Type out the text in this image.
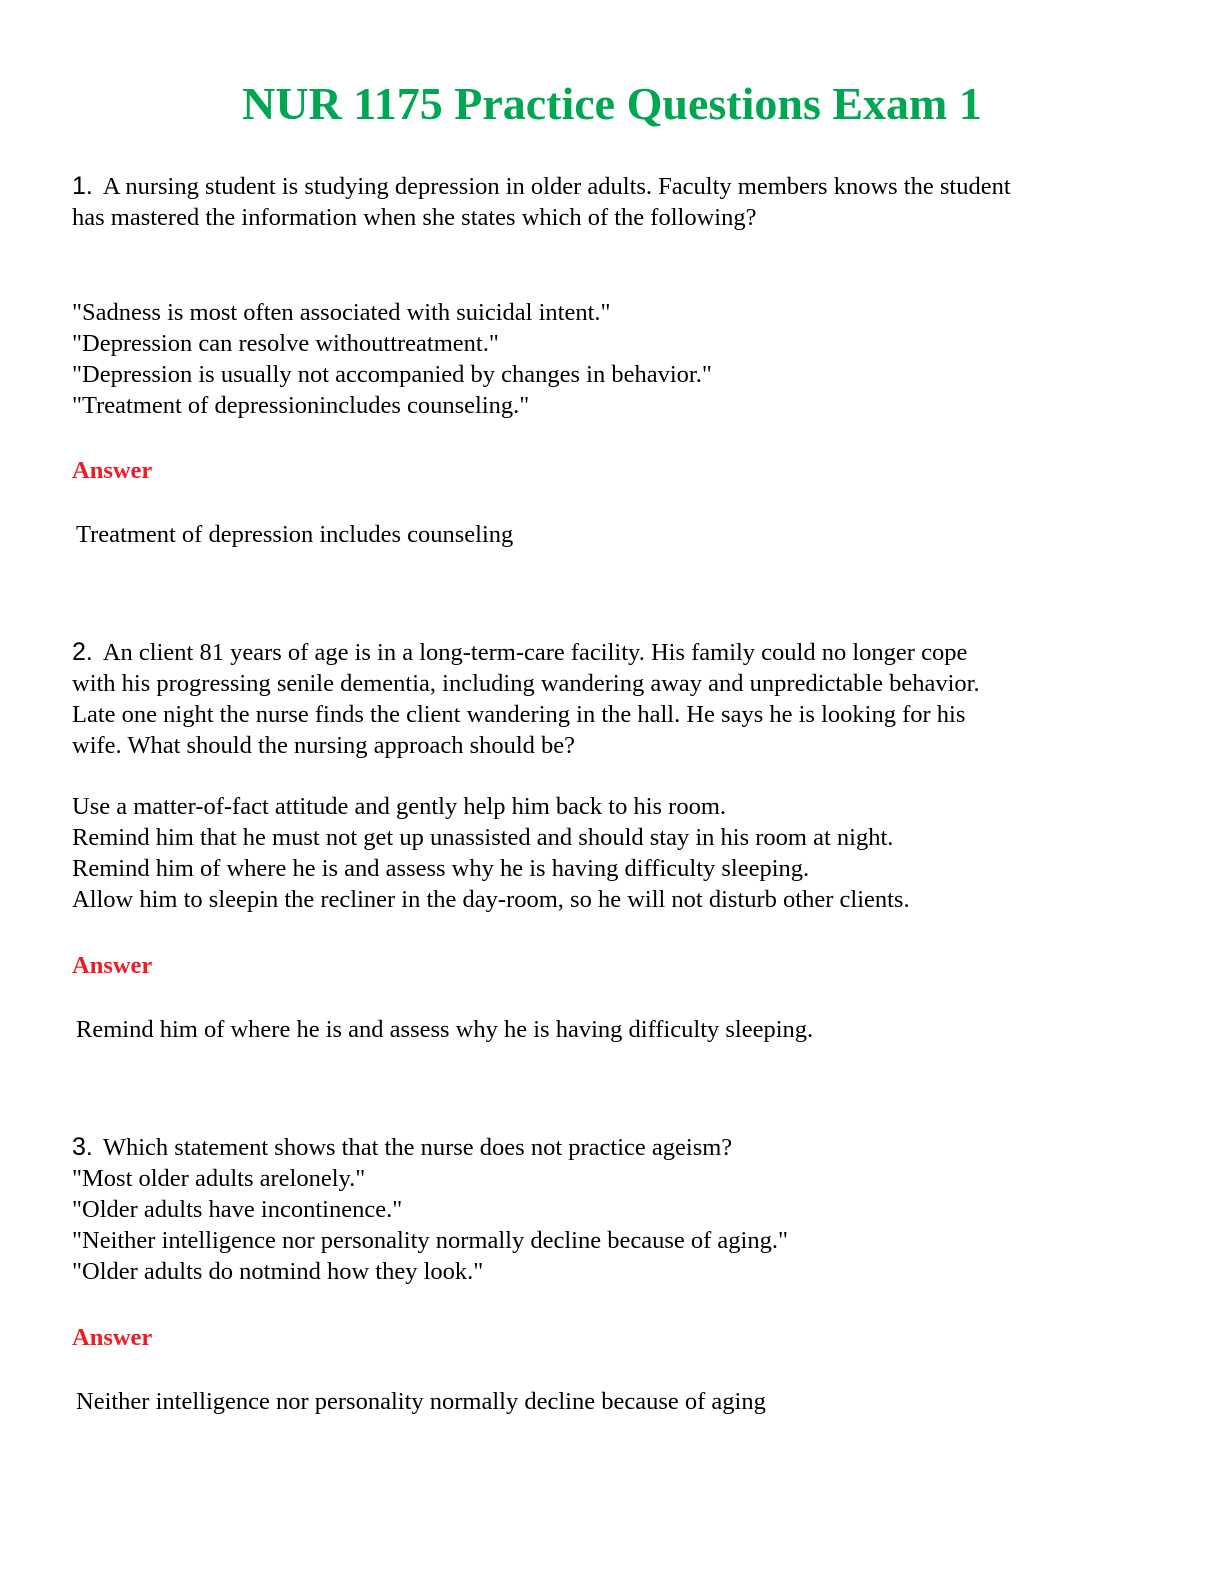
NUR 1175 Practice Questions Exam 1

1. A nursing student is studying depression in older adults. Faculty members knows the student

has mastered the information when she states which of the following?

"Sadness is most often associated with suicidal intent."

"Depression can resolve withouttreatment."

"Depression is usually not accompanied by changes in behavior."

"Treatment of depressionincludes counseling."

Answer

Treatment of depression includes counseling

2. An client 81 years of age is in a long-term-care facility. His family could no longer cope

with his progressing senile dementia, including wandering away and unpredictable behavior.

Late one night the nurse finds the client wandering in the hall. He says he is looking for his

wife. What should the nursing approach should be?

Use a matter-of-fact attitude and gently help him back to his room.

Remind him that he must not get up unassisted and should stay in his room at night.

Remind him of where he is and assess why he is having difficulty sleeping.

Allow him to sleepin the recliner in the day-room, so he will not disturb other clients.

Answer

Remind him of where he is and assess why he is having difficulty sleeping.

3. Which statement shows that the nurse does not practice ageism?

"Most older adults arelonely."

"Older adults have incontinence."

"Neither intelligence nor personality normally decline because of aging."

"Older adults do notmind how they look."

Answer

Neither intelligence nor personality normally decline because of aging
